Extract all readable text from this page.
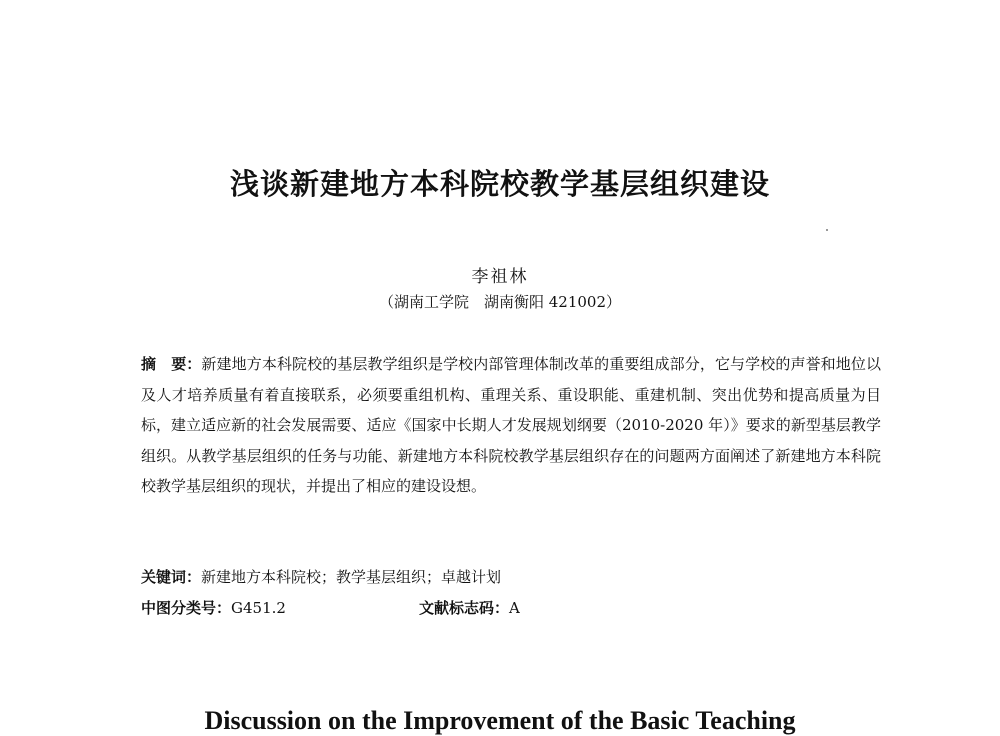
浅谈新建地方本科院校教学基层组织建设
李祖林
（湖南工学院　湖南衡阳 421002）
摘　要：新建地方本科院校的基层教学组织是学校内部管理体制改革的重要组成部分，它与学校的声誉和地位以及人才培养质量有着直接联系，必须要重组机构、重理关系、重设职能、重建机制、突出优势和提高质量为目标，建立适应新的社会发展需要、适应《国家中长期人才发展规划纲要（2010-2020 年）》要求的新型基层教学组织。从教学基层组织的任务与功能、新建地方本科院校教学基层组织存在的问题两方面阐述了新建地方本科院校教学基层组织的现状，并提出了相应的建设设想。
关键词：新建地方本科院校；教学基层组织；卓越计划
中图分类号：G451.2	文献标志码：A
Discussion on the Improvement of the Basic Teaching
